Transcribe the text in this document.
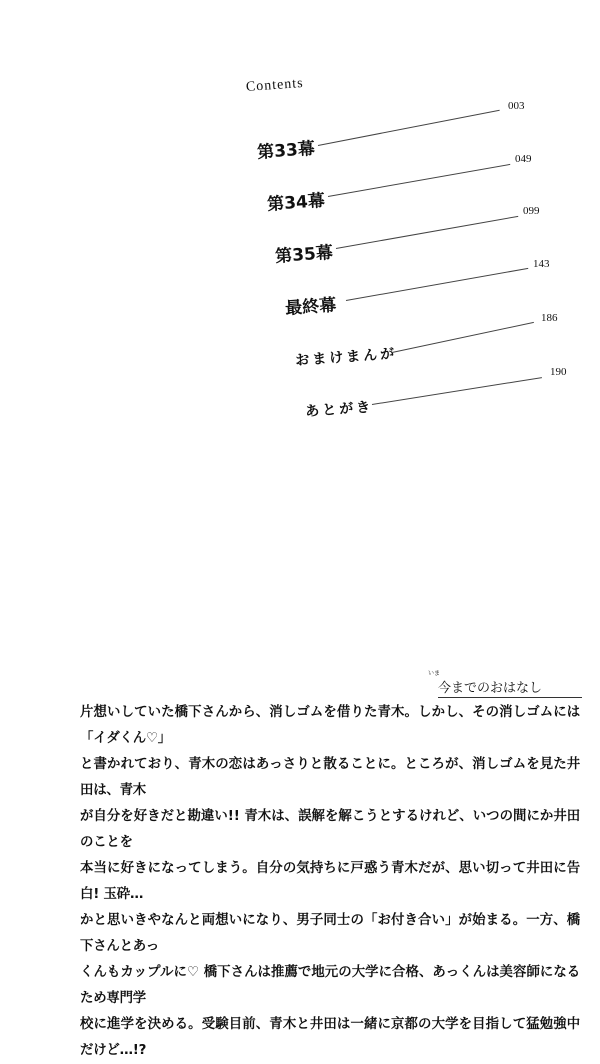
Contents
第33幕
003
第34幕
049
第35幕
099
最終幕
143
おまけまんが
186
あとがき
190
いま
今までのおはなし
片想いしていた橋下さんから、消しゴムを借りた青木。しかし、その消しゴムには「イダくん♡」
と書かれており、青木の恋はあっさりと散ることに。ところが、消しゴムを見た井田は、青木
が自分を好きだと勘違い!! 青木は、誤解を解こうとするけれど、いつの間にか井田のことを
本当に好きになってしまう。自分の気持ちに戸惑う青木だが、思い切って井田に告白! 玉砕…
かと思いきやなんと両想いになり、男子同士の「お付き合い」が始まる。一方、橋下さんとあっ
くんもカップルに♡ 橋下さんは推薦で地元の大学に合格、あっくんは美容師になるため専門学
校に進学を決める。受験目前、青木と井田は一緒に京都の大学を目指して猛勉強中だけど…!?
